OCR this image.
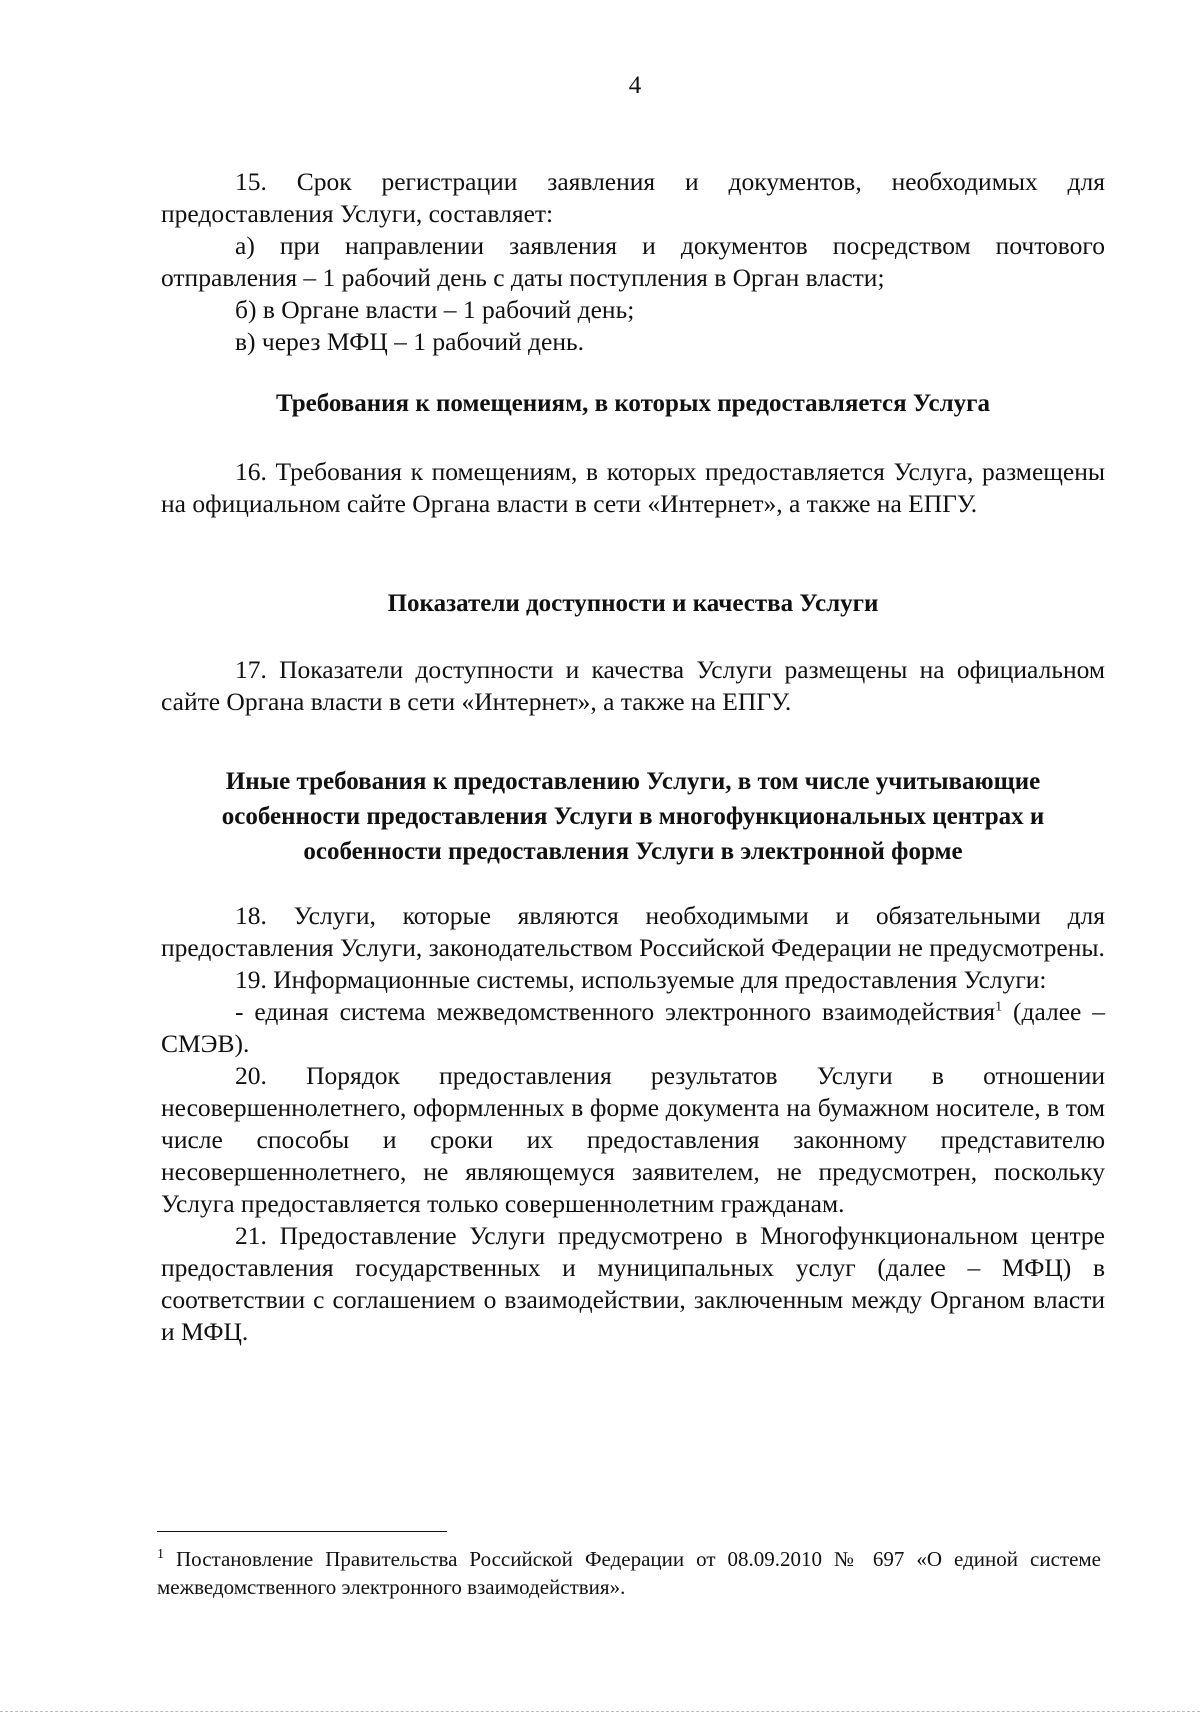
4

15. Срок регистрации заявления и документов, необходимых для предоставления Услуги, составляет:

а) при направлении заявления и документов посредством почтового отправления – 1 рабочий день с даты поступления в Орган власти;

б) в Органе власти – 1 рабочий день;

в) через МФЦ – 1 рабочий день.

Требования к помещениям, в которых предоставляется Услуга

16. Требования к помещениям, в которых предоставляется Услуга, размещены на официальном сайте Органа власти в сети «Интернет», а также на ЕПГУ.

Показатели доступности и качества Услуги

17. Показатели доступности и качества Услуги размещены на официальном сайте Органа власти в сети «Интернет», а также на ЕПГУ.

Иные требования к предоставлению Услуги, в том числе учитывающие особенности предоставления Услуги в многофункциональных центрах и особенности предоставления Услуги в электронной форме

18. Услуги, которые являются необходимыми и обязательными для предоставления Услуги, законодательством Российской Федерации не предусмотрены.

19. Информационные системы, используемые для предоставления Услуги:

- единая система межведомственного электронного взаимодействия$^1$ (далее – СМЭВ).

20. Порядок предоставления результатов Услуги в отношении несовершеннолетнего, оформленных в форме документа на бумажном носителе, в том числе способы и сроки их предоставления законному представителю несовершеннолетнего, не являющемуся заявителем, не предусмотрен, поскольку Услуга предоставляется только совершеннолетним гражданам.

21. Предоставление Услуги предусмотрено в Многофункциональном центре предоставления государственных и муниципальных услуг (далее – МФЦ) в соответствии с соглашением о взаимодействии, заключенным между Органом власти и МФЦ.

$^1$ Постановление Правительства Российской Федерации от 08.09.2010 № 697 «О единой системе межведомственного электронного взаимодействия».
